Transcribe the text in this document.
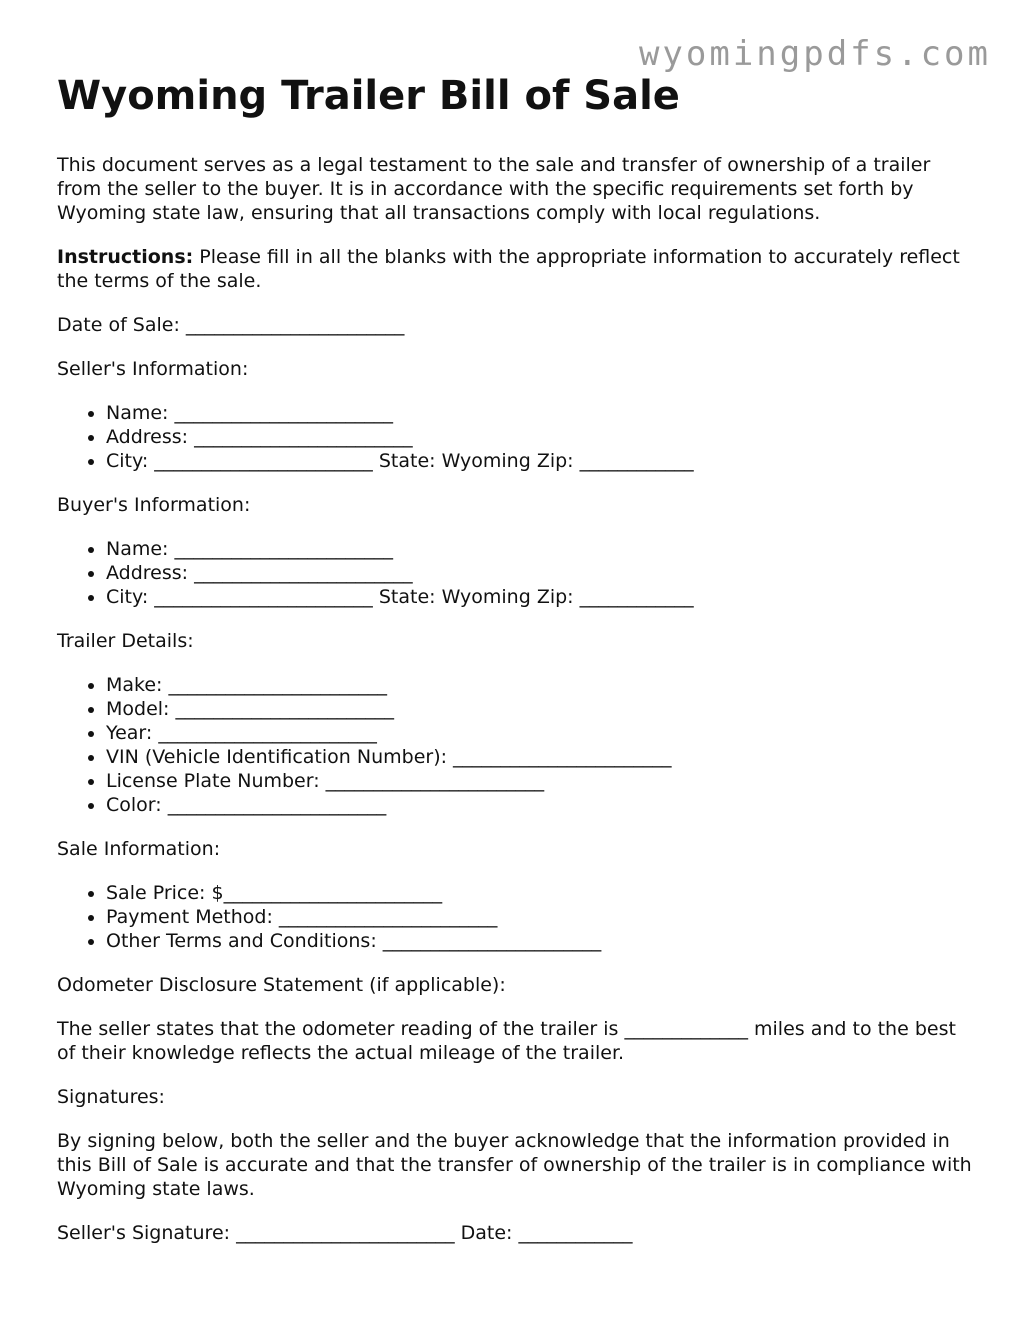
wyomingpdfs.com
Wyoming Trailer Bill of Sale

This document serves as a legal testament to the sale and transfer of ownership of a trailer from the seller to the buyer. It is in accordance with the specific requirements set forth by Wyoming state law, ensuring that all transactions comply with local regulations.

Instructions: Please fill in all the blanks with the appropriate information to accurately reflect the terms of the sale.

Date of Sale: _______________________

Seller's Information:

• Name: _______________________
• Address: _______________________
• City: _______________________ State: Wyoming Zip: ____________

Buyer's Information:

• Name: _______________________
• Address: _______________________
• City: _______________________ State: Wyoming Zip: ____________

Trailer Details:

• Make: _______________________
• Model: _______________________
• Year: _______________________
• VIN (Vehicle Identification Number): _______________________
• License Plate Number: _______________________
• Color: _______________________

Sale Information:

• Sale Price: $_______________________
• Payment Method: _______________________
• Other Terms and Conditions: _______________________

Odometer Disclosure Statement (if applicable):

The seller states that the odometer reading of the trailer is _____________ miles and to the best of their knowledge reflects the actual mileage of the trailer.

Signatures:

By signing below, both the seller and the buyer acknowledge that the information provided in this Bill of Sale is accurate and that the transfer of ownership of the trailer is in compliance with Wyoming state laws.

Seller's Signature: _______________________ Date: ____________
